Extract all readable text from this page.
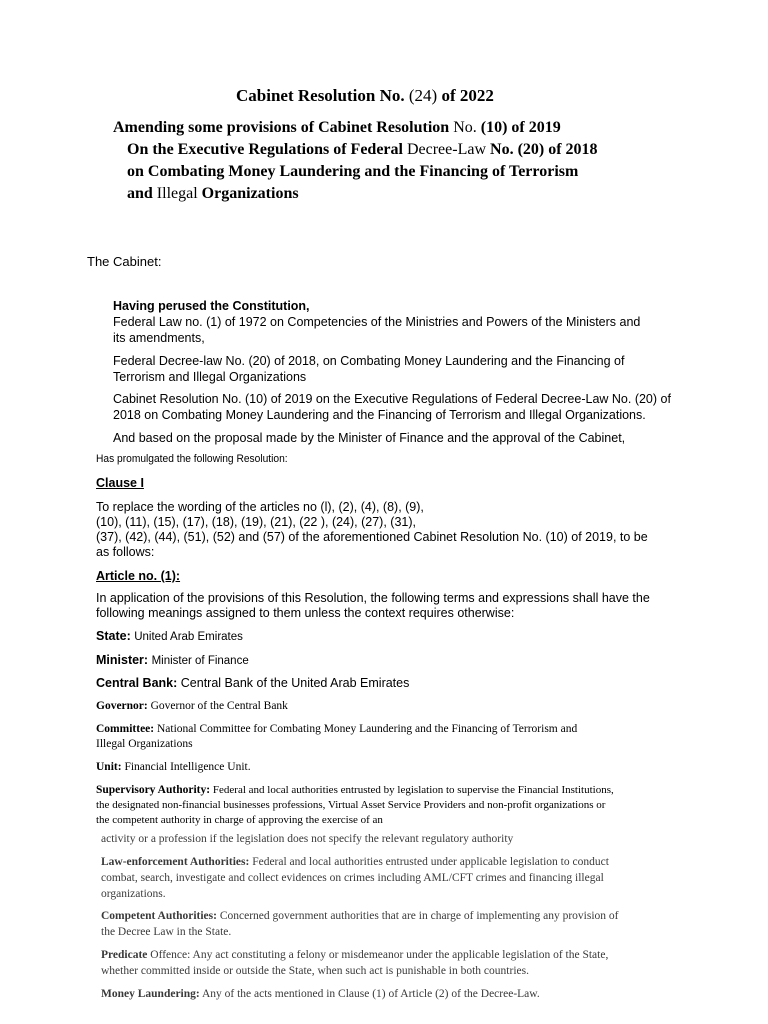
Cabinet Resolution No. (24) of 2022
Amending some provisions of Cabinet Resolution No. (10) of 2019
On the Executive Regulations of Federal Decree-Law No. (20) of 2018
on Combating Money Laundering and the Financing of Terrorism
and Illegal Organizations
The Cabinet:
Having perused the Constitution,
Federal Law no. (1) of 1972 on Competencies of the Ministries and Powers of the Ministers and
its amendments,
Federal Decree-law No. (20) of 2018, on Combating Money Laundering and the Financing of
Terrorism and Illegal Organizations
Cabinet Resolution No. (10) of 2019 on the Executive Regulations of Federal Decree-Law No. (20) of
2018 on Combating Money Laundering and the Financing of Terrorism and Illegal Organizations.
And based on the proposal made by the Minister of Finance and the approval of the Cabinet,
Has promulgated the following Resolution:
Clause I
To replace the wording of the articles no (l), (2), (4), (8), (9),
(10), (11), (15), (17), (18), (19), (21), (22 ), (24), (27), (31),
(37), (42), (44), (51), (52) and (57) of the aforementioned Cabinet Resolution No. (10) of 2019, to be
as follows:
Article no. (1):
In application of the provisions of this Resolution, the following terms and expressions shall have the
following meanings assigned to them unless the context requires otherwise:
State: United Arab Emirates
Minister: Minister of Finance
Central Bank: Central Bank of the United Arab Emirates
Governor: Governor of the Central Bank
Committee: National Committee for Combating Money Laundering and the Financing of Terrorism and
Illegal Organizations
Unit: Financial Intelligence Unit.
Supervisory Authority: Federal and local authorities entrusted by legislation to supervise the Financial Institutions,
the designated non-financial businesses professions, Virtual Asset Service Providers and non-profit organizations or
the competent authority in charge of approving the exercise of an
activity or a profession if the legislation does not specify the relevant regulatory authority
Law-enforcement Authorities: Federal and local authorities entrusted under applicable legislation to conduct
combat, search, investigate and collect evidences on crimes including AML/CFT crimes and financing illegal
organizations.
Competent Authorities: Concerned government authorities that are in charge of implementing any provision of
the Decree Law in the State.
Predicate Offence: Any act constituting a felony or misdemeanor under the applicable legislation of the State,
whether committed inside or outside the State, when such act is punishable in both countries.
Money Laundering: Any of the acts mentioned in Clause (1) of Article (2) of the Decree-Law.
